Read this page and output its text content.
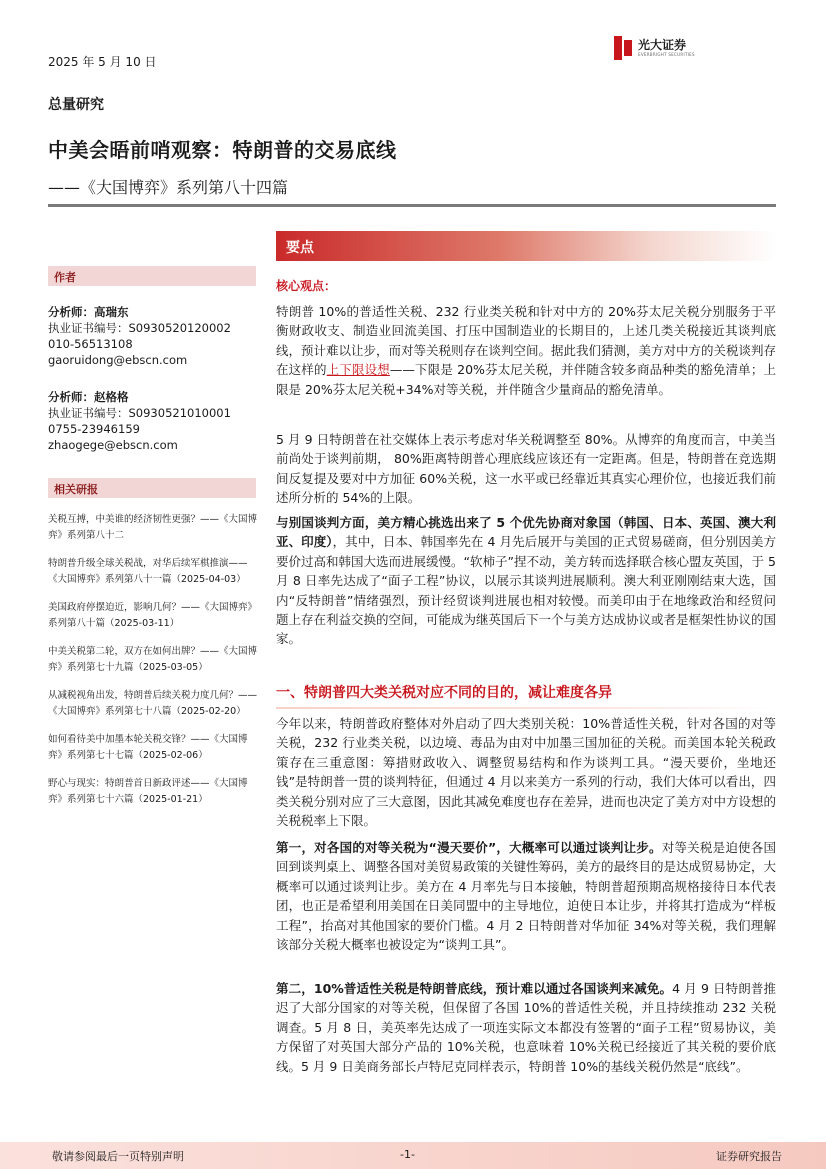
2025 年 5 月 10 日
光大证券
EVERBRIGHT SECURITIES
总量研究
中美会晤前哨观察：特朗普的交易底线
——《大国博弈》系列第八十四篇
作者
分析师：高瑞东
执业证书编号：S0930520120002
010-56513108
gaoruidong@ebscn.com
分析师：赵格格
执业证书编号：S0930521010001
0755-23946159
zhaogege@ebscn.com
相关研报
关税互搏，中美谁的经济韧性更强？——《大国博弈》系列第八十二
特朗普升级全球关税战，对华后续军棋推演——《大国博弈》系列第八十一篇（2025-04-03）
美国政府停摆迫近，影响几何？——《大国博弈》系列第八十篇（2025-03-11）
中美关税第二轮，双方在如何出牌？——《大国博弈》系列第七十九篇（2025-03-05）
从减税视角出发，特朗普后续关税力度几何？——《大国博弈》系列第七十八篇（2025-02-20）
如何看待美中加墨本轮关税交锋？——《大国博弈》系列第七十七篇（2025-02-06）
野心与现实：特朗普首日新政评述——《大国博弈》系列第七十六篇（2025-01-21）
要点
核心观点：
特朗普 10%的普适性关税、232 行业类关税和针对中方的 20%芬太尼关税分别服务于平衡财政收支、制造业回流美国、打压中国制造业的长期目的，上述几类关税接近其谈判底线，预计难以让步，而对等关税则存在谈判空间。据此我们猜测，美方对中方的关税谈判存在这样的上下限设想——下限是 20%芬太尼关税，并伴随含较多商品种类的豁免清单；上限是 20%芬太尼关税+34%对等关税，并伴随含少量商品的豁免清单。
5 月 9 日特朗普在社交媒体上表示考虑对华关税调整至 80%。从博弈的角度而言，中美当前尚处于谈判前期， 80%距离特朗普心理底线应该还有一定距离。但是，特朗普在竞选期间反复提及要对中方加征 60%关税，这一水平或已经靠近其真实心理价位，也接近我们前述所分析的 54%的上限。
与别国谈判方面，美方精心挑选出来了 5 个优先协商对象国（韩国、日本、英国、澳大利亚、印度），其中，日本、韩国率先在 4 月先后展开与美国的正式贸易磋商，但分别因美方要价过高和韩国大选而进展缓慢。“软柿子”捏不动，美方转而选择联合核心盟友英国，于 5 月 8 日率先达成了“面子工程”协议，以展示其谈判进展顺利。澳大利亚刚刚结束大选，国内“反特朗普”情绪强烈，预计经贸谈判进展也相对较慢。而美印由于在地缘政治和经贸问题上存在利益交换的空间，可能成为继英国后下一个与美方达成协议或者是框架性协议的国家。
一、特朗普四大类关税对应不同的目的，减让难度各异
今年以来，特朗普政府整体对外启动了四大类别关税：10%普适性关税，针对各国的对等关税，232 行业类关税，以边境、毒品为由对中加墨三国加征的关税。而美国本轮关税政策存在三重意图：筹措财政收入、调整贸易结构和作为谈判工具。“漫天要价，坐地还钱”是特朗普一贯的谈判特征，但通过 4 月以来美方一系列的行动，我们大体可以看出，四类关税分别对应了三大意图，因此其减免难度也存在差异，进而也决定了美方对中方设想的关税税率上下限。
第一，对各国的对等关税为“漫天要价”，大概率可以通过谈判让步。对等关税是迫使各国回到谈判桌上、调整各国对美贸易政策的关键性筹码，美方的最终目的是达成贸易协定，大概率可以通过谈判让步。美方在 4 月率先与日本接触，特朗普超预期高规格接待日本代表团，也正是希望利用美国在日美同盟中的主导地位，迫使日本让步，并将其打造成为“样板工程”，抬高对其他国家的要价门槛。4 月 2 日特朗普对华加征 34%对等关税，我们理解该部分关税大概率也被设定为“谈判工具”。
第二，10%普适性关税是特朗普底线，预计难以通过各国谈判来减免。4 月 9 日特朗普推迟了大部分国家的对等关税，但保留了各国 10%的普适性关税，并且持续推动 232 关税调查。5 月 8 日，美英率先达成了一项连实际文本都没有签署的“面子工程”贸易协议，美方保留了对英国大部分产品的 10%关税，也意味着 10%关税已经接近了其关税的要价底线。5 月 9 日美商务部长卢特尼克同样表示，特朗普 10%的基线关税仍然是“底线”。
敬请参阅最后一页特别声明	-1-	证券研究报告
